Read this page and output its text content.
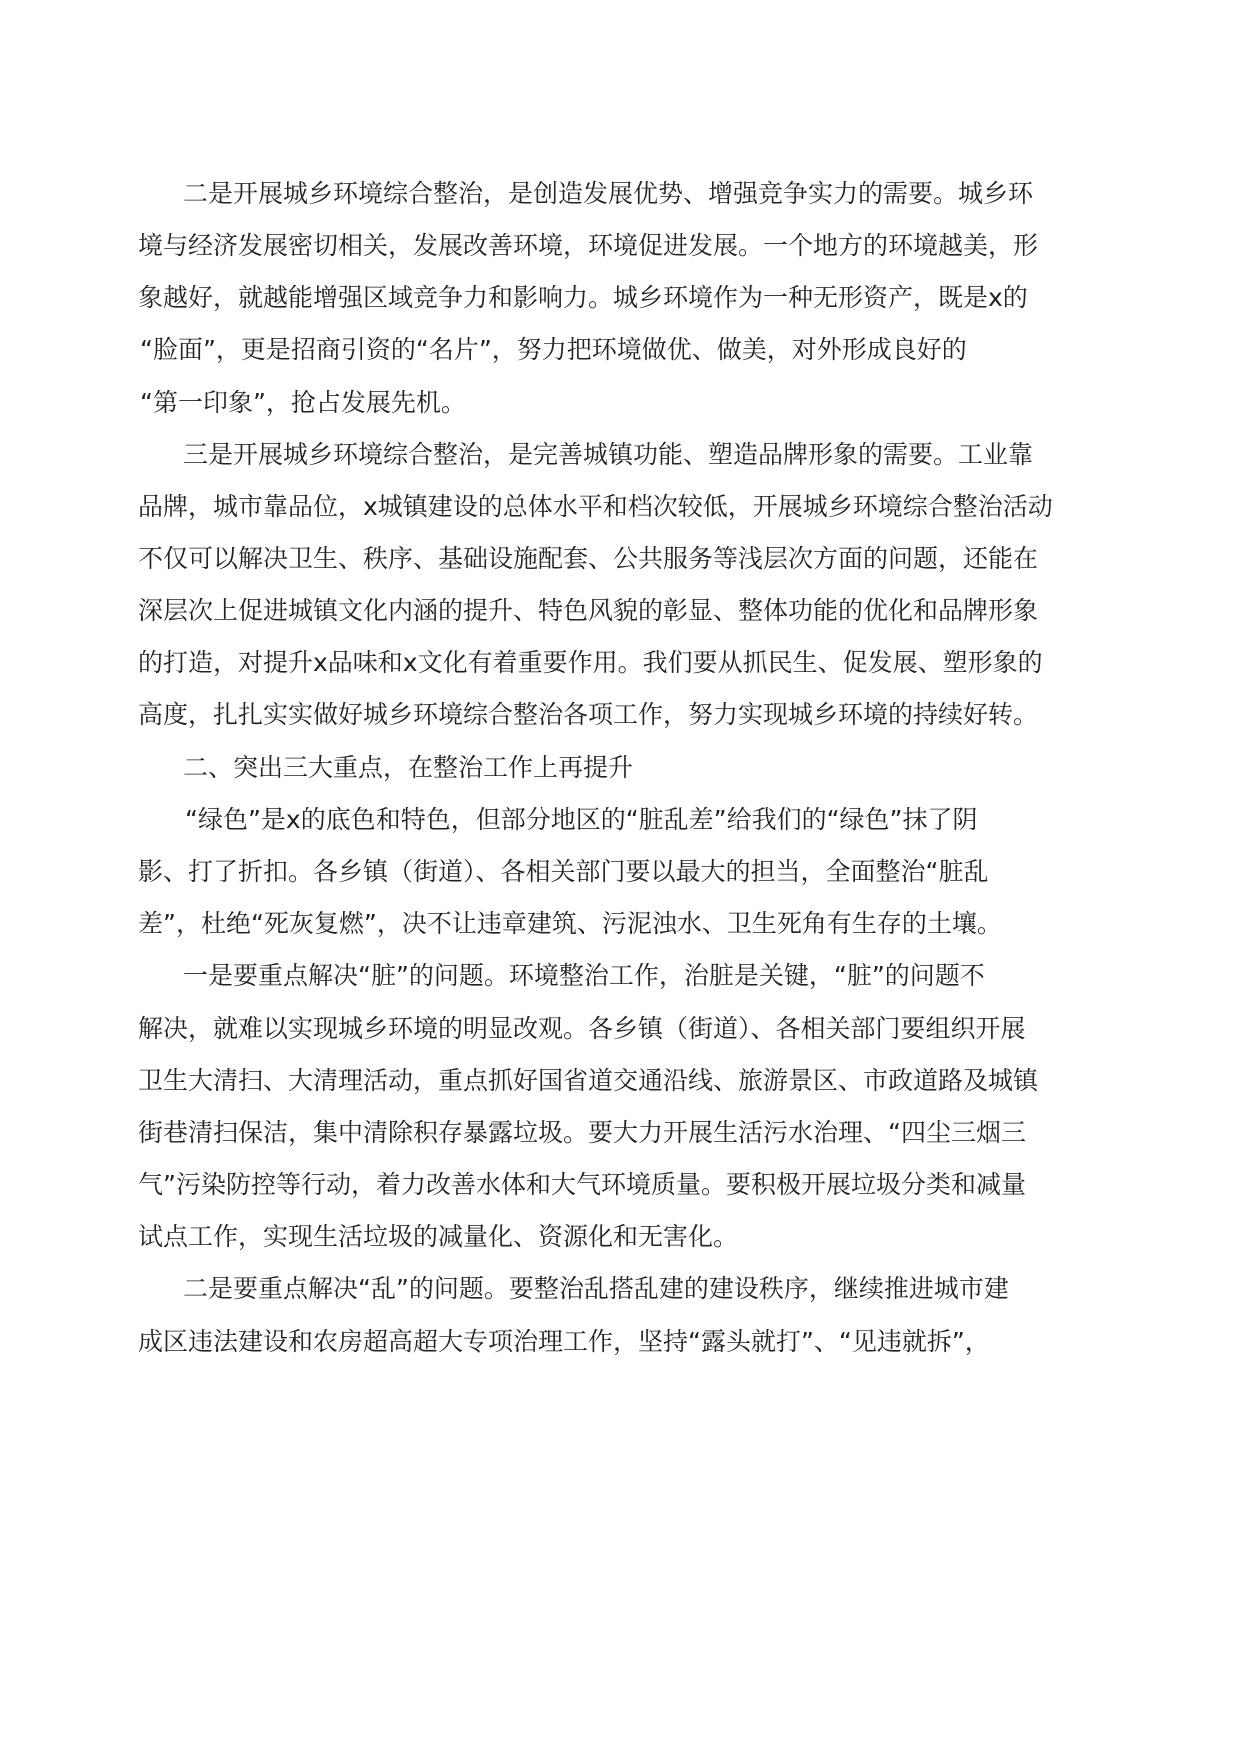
二是开展城乡环境综合整治，是创造发展优势、增强竞争实力的需要。城乡环

境与经济发展密切相关，发展改善环境，环境促进发展。一个地方的环境越美，形

象越好，就越能增强区域竞争力和影响力。城乡环境作为一种无形资产，既是x的

“脸面”，更是招商引资的“名片”，努力把环境做优、做美，对外形成良好的

“第一印象”，抢占发展先机。

三是开展城乡环境综合整治，是完善城镇功能、塑造品牌形象的需要。工业靠

品牌，城市靠品位，x城镇建设的总体水平和档次较低，开展城乡环境综合整治活动

不仅可以解决卫生、秩序、基础设施配套、公共服务等浅层次方面的问题，还能在

深层次上促进城镇文化内涵的提升、特色风貌的彰显、整体功能的优化和品牌形象

的打造，对提升x品味和x文化有着重要作用。我们要从抓民生、促发展、塑形象的

高度，扎扎实实做好城乡环境综合整治各项工作，努力实现城乡环境的持续好转。

二、突出三大重点，在整治工作上再提升

“绿色”是x的底色和特色，但部分地区的“脏乱差”给我们的“绿色”抹了阴

影、打了折扣。各乡镇（街道）、各相关部门要以最大的担当，全面整治“脏乱

差”，杜绝“死灰复燃”，决不让违章建筑、污泥浊水、卫生死角有生存的土壤。

一是要重点解决“脏”的问题。环境整治工作，治脏是关键，“脏”的问题不

解决，就难以实现城乡环境的明显改观。各乡镇（街道）、各相关部门要组织开展

卫生大清扫、大清理活动，重点抓好国省道交通沿线、旅游景区、市政道路及城镇

街巷清扫保洁，集中清除积存暴露垃圾。要大力开展生活污水治理、“四尘三烟三

气”污染防控等行动，着力改善水体和大气环境质量。要积极开展垃圾分类和减量

试点工作，实现生活垃圾的减量化、资源化和无害化。

二是要重点解决“乱”的问题。要整治乱搭乱建的建设秩序，继续推进城市建

成区违法建设和农房超高超大专项治理工作，坚持“露头就打”、“见违就拆”，
